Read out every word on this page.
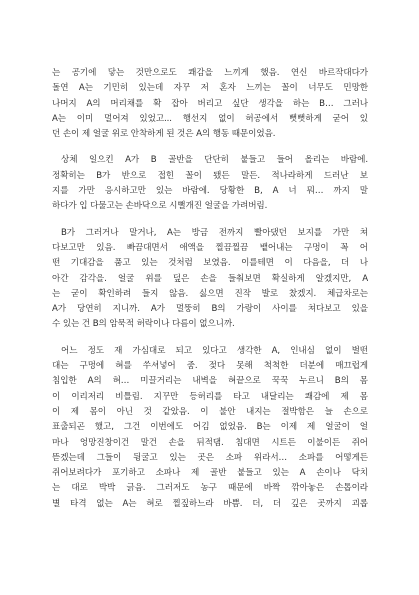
는 공기에 닿는 것만으로도 쾌감을 느끼게 했음. 연신 바르작대다가
돌연 A는 기민히 있는데 자꾸 저 혼자 느끼는 꼴이 너무도 민망한
나머지 A의 머리채를 확 잡아 버리고 싶단 생각을 하는 B… 그러나
A는 이미 멀어져 있었고... 행선지 없이 허공에서 뻣뻣하게 굳어 있
던 손이 제 얼굴 위로 안착하게 된 것은 A의 행동 때문이었음.

상체 일으킨 A가 B 골반을 단단히 붙들고 들어 올리는 바람에.
정확히는 B가 반으로 접힌 꼴이 됐든 말든. 적나라하게 드러난 보
지를 가만 응시하고만 있는 바람에. 당황한 B, A 너 뭐… 까지 말
하다가 입 다물고는 손바닥으로 시뻘개진 얼굴을 가려버림.

B가 그러거나 말거나, A는 방금 전까지 빨아댔던 보지를 가만 쳐
다보고만 있음. 빠끔대면서 애액을 찔끔찔끔 뱉어내는 구멍이 꼭 어
떤 기대감을 품고 있는 것처럼 보였음. 이를테면 이 다음을, 더 나
아간 감각을. 얼굴 위를 덮은 손을 들춰보면 확실하게 알겠지만, A
는 굳이 확인하려 들지 않음. 싫으면 진작 발로 찼겠지. 체급차로는
A가 당연히 지니까. A가 멀뚱히 B의 가랑이 사이를 쳐다보고 있을
수 있는 건 B의 암묵적 허락이나 다름이 없으니까.

어느 정도 재 가심대로 되고 있다고 생각한 A, 인내심 없이 벌떤
대는 구멍에 혀를 쑤셔넣어 줌. 젖다 못해 척척한 더분에 매끄럽게
침입한 A의 혀… 미끌거리는 내벽을 혀끝으로 꾹꾹 누르니 B의 몸
이 이리저리 비틀림. 지꾸만 등허리를 타고 내달리는 쾌감에 제 몸
이 제 몸이 아닌 것 같았음. 이 불안 내지는 절박함은 늘 손으로
표출되곤 했고, 그건 이번에도 어김 없었음. B는 이제 제 얼굴이 얼
마나 엉망진창이건 말건 손을 뒤적댐. 침대면 시트든 이불이든 쥐어
뜯겠는데 그들이 뒹굴고 있는 곳은 소파 위라서… 소파를 어떻게든
쥐어보려다가 포기하고 소파나 제 골반 붙들고 있는 A 손이나 닥치
는 대로 박박 긁음. 그러저도 농구 때문에 바짝 깎아놓은 손톱이라
별 타격 없는 A는 혀로 찔짚하느라 바쁨. 더, 더 깊은 곳까지 괴롭
